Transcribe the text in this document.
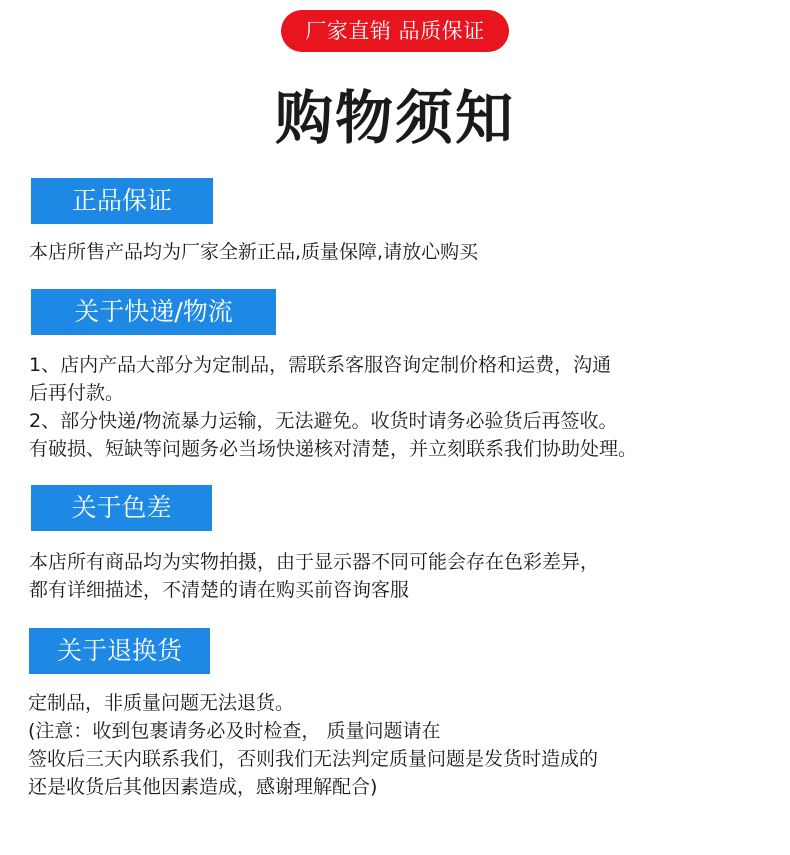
厂家直销 品质保证
购物须知
正品保证
本店所售产品均为厂家全新正品,质量保障,请放心购买
关于快递/物流
1、店内产品大部分为定制品，需联系客服咨询定制价格和运费，沟通
后再付款。
2、部分快递/物流暴力运输，无法避免。收货时请务必验货后再签收。
有破损、短缺等问题务必当场快递核对清楚，并立刻联系我们协助处理。
关于色差
本店所有商品均为实物拍摄，由于显示器不同可能会存在色彩差异，
都有详细描述，不清楚的请在购买前咨询客服
关于退换货
定制品，非质量问题无法退货。
(注意：收到包裹请务必及时检查， 质量问题请在
签收后三天内联系我们，否则我们无法判定质量问题是发货时造成的
还是收货后其他因素造成，感谢理解配合)
